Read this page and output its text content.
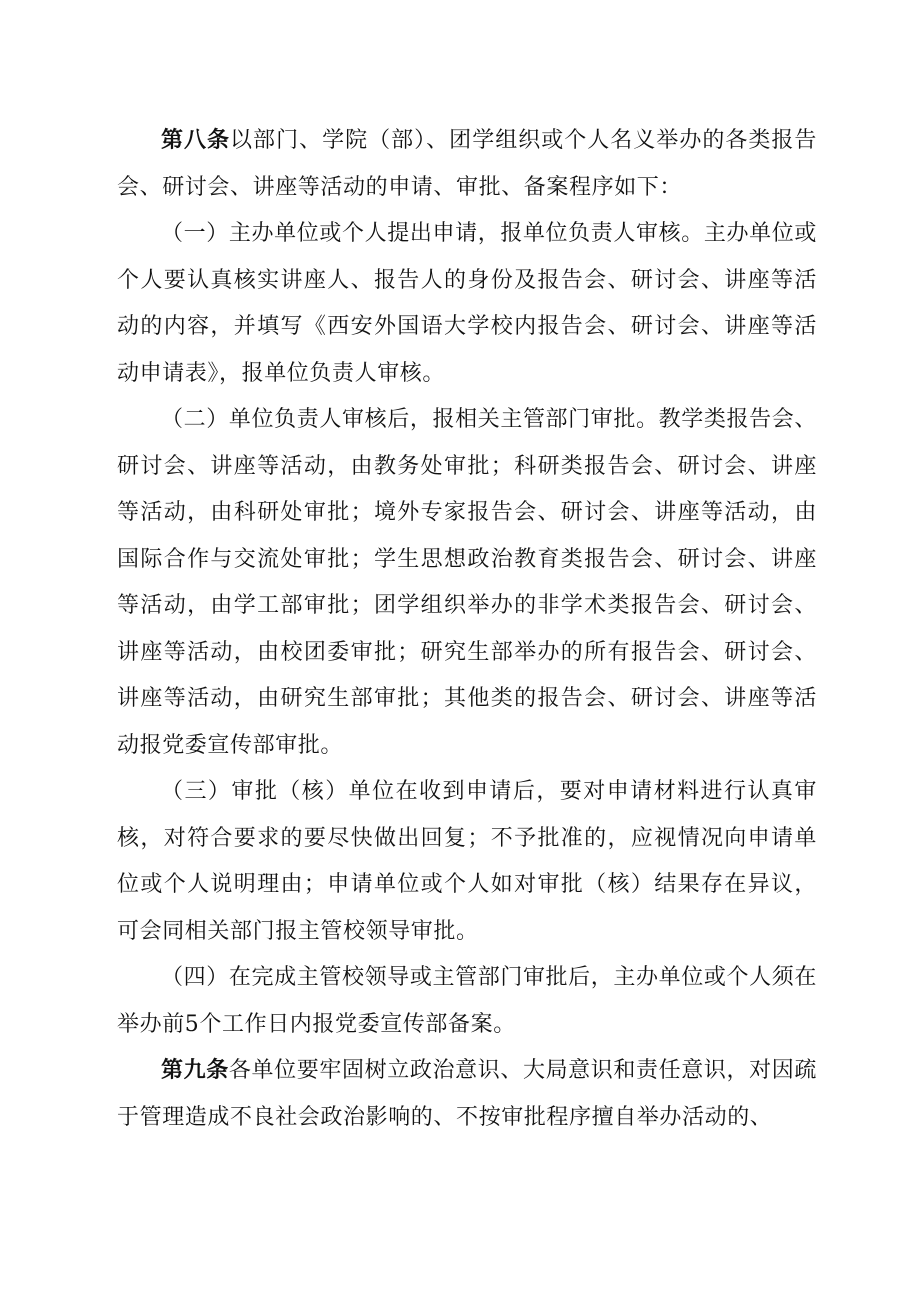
第八条以部门、学院（部）、团学组织或个人名义举办的各类报告会、研讨会、讲座等活动的申请、审批、备案程序如下：

（一）主办单位或个人提出申请，报单位负责人审核。主办单位或个人要认真核实讲座人、报告人的身份及报告会、研讨会、讲座等活动的内容，并填写《西安外国语大学校内报告会、研讨会、讲座等活动申请表》，报单位负责人审核。

（二）单位负责人审核后，报相关主管部门审批。教学类报告会、研讨会、讲座等活动，由教务处审批；科研类报告会、研讨会、讲座等活动，由科研处审批；境外专家报告会、研讨会、讲座等活动，由国际合作与交流处审批；学生思想政治教育类报告会、研讨会、讲座等活动，由学工部审批；团学组织举办的非学术类报告会、研讨会、讲座等活动，由校团委审批；研究生部举办的所有报告会、研讨会、讲座等活动，由研究生部审批；其他类的报告会、研讨会、讲座等活动报党委宣传部审批。

（三）审批（核）单位在收到申请后，要对申请材料进行认真审核，对符合要求的要尽快做出回复；不予批准的，应视情况向申请单位或个人说明理由；申请单位或个人如对审批（核）结果存在异议，可会同相关部门报主管校领导审批。

（四）在完成主管校领导或主管部门审批后，主办单位或个人须在举办前5个工作日内报党委宣传部备案。

第九条各单位要牢固树立政治意识、大局意识和责任意识，对因疏于管理造成不良社会政治影响的、不按审批程序擅自举办活动的、
